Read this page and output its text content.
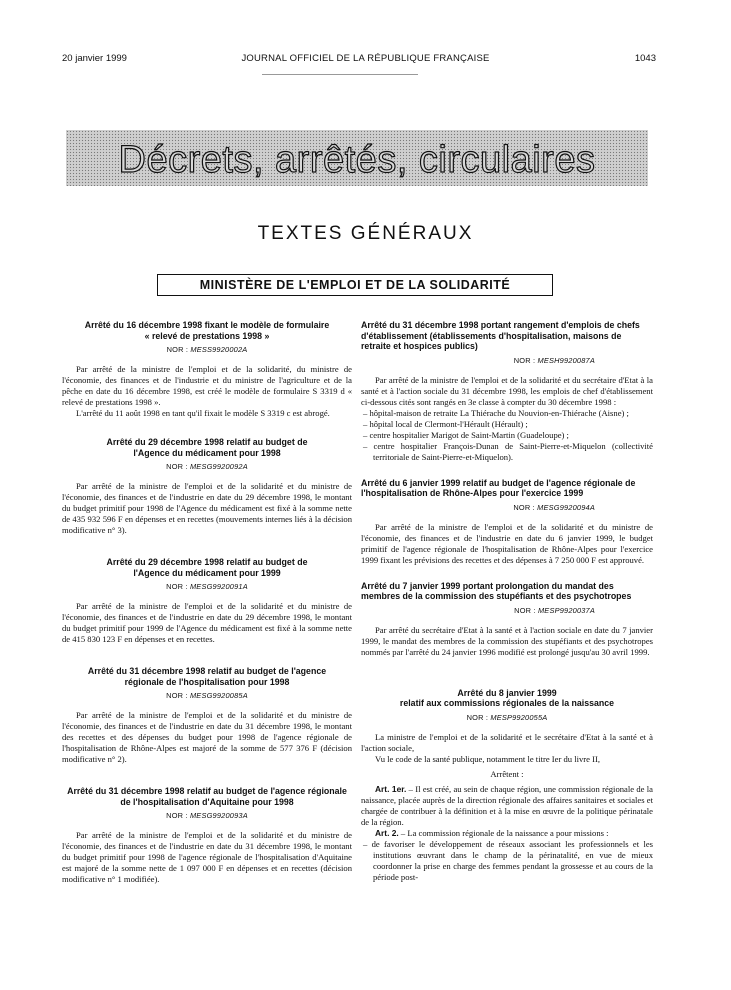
20 janvier 1999	JOURNAL OFFICIEL DE LA RÉPUBLIQUE FRANÇAISE	1043
Décrets, arrêtés, circulaires
TEXTES GÉNÉRAUX
MINISTÈRE DE L'EMPLOI ET DE LA SOLIDARITÉ
Arrêté du 16 décembre 1998 fixant le modèle de formulaire « relevé de prestations 1998 »
NOR : MESS9920002A

Par arrêté de la ministre de l'emploi et de la solidarité, du ministre de l'économie, des finances et de l'industrie et du ministre de l'agriculture et de la pêche en date du 16 décembre 1998, est créé le modèle de formulaire S 3319 d « relevé de prestations 1998 ».

L'arrêté du 11 août 1998 en tant qu'il fixait le modèle S 3319 c est abrogé.

Arrêté du 29 décembre 1998 relatif au budget de l'Agence du médicament pour 1998
NOR : MESG9920092A

Par arrêté de la ministre de l'emploi et de la solidarité et du ministre de l'économie, des finances et de l'industrie en date du 29 décembre 1998, le montant du budget primitif pour 1998 de l'Agence du médicament est fixé à la somme nette de 435 932 596 F en dépenses et en recettes (mouvements internes liés à la décision modificative n° 3).

Arrêté du 29 décembre 1998 relatif au budget de l'Agence du médicament pour 1999
NOR : MESG9920091A

Par arrêté de la ministre de l'emploi et de la solidarité et du ministre de l'économie, des finances et de l'industrie en date du 29 décembre 1998, le montant du budget primitif pour 1999 de l'Agence du médicament est fixé à la somme nette de 415 830 123 F en dépenses et en recettes.

Arrêté du 31 décembre 1998 relatif au budget de l'agence régionale de l'hospitalisation pour 1998
NOR : MESG9920085A

Par arrêté de la ministre de l'emploi et de la solidarité et du ministre de l'économie, des finances et de l'industrie en date du 31 décembre 1998, le montant des recettes et des dépenses du budget pour 1998 de l'agence régionale de l'hospitalisation de Rhône-Alpes est majoré de la somme de 577 376 F (décision modificative n° 2).

Arrêté du 31 décembre 1998 relatif au budget de l'agence régionale de l'hospitalisation d'Aquitaine pour 1998
NOR : MESG9920093A

Par arrêté de la ministre de l'emploi et de la solidarité et du ministre de l'économie, des finances et de l'industrie en date du 31 décembre 1998, le montant du budget primitif pour 1998 de l'agence régionale de l'hospitalisation d'Aquitaine est majoré de la somme nette de 1 097 000 F en dépenses et en recettes (décision modificative n° 1 modifiée).

Arrêté du 31 décembre 1998 portant rangement d'emplois de chefs d'établissement (établissements d'hospitalisation, maisons de retraite et hospices publics)
NOR : MESH9920087A

Par arrêté de la ministre de l'emploi et de la solidarité et du secrétaire d'Etat à la santé et à l'action sociale du 31 décembre 1998, les emplois de chef d'établissement ci-dessous cités sont rangés en 3e classe à compter du 30 décembre 1998 :

– hôpital-maison de retraite La Thiérache du Nouvion-en-Thiérache (Aisne) ;
– hôpital local de Clermont-l'Hérault (Hérault) ;
– centre hospitalier Marigot de Saint-Martin (Guadeloupe) ;
– centre hospitalier François-Dunan de Saint-Pierre-et-Miquelon (collectivité territoriale de Saint-Pierre-et-Miquelon).
Arrêté du 6 janvier 1999 relatif au budget de l'agence régionale de l'hospitalisation de Rhône-Alpes pour l'exercice 1999
NOR : MESG9920094A

Par arrêté de la ministre de l'emploi et de la solidarité et du ministre de l'économie, des finances et de l'industrie en date du 6 janvier 1999, le budget primitif de l'agence régionale de l'hospitalisation de Rhône-Alpes pour l'exercice 1999 fixant les prévisions des recettes et des dépenses à 7 250 000 F est approuvé.

Arrêté du 7 janvier 1999 portant prolongation du mandat des membres de la commission des stupéfiants et des psychotropes
NOR : MESP9920037A

Par arrêté du secrétaire d'Etat à la santé et à l'action sociale en date du 7 janvier 1999, le mandat des membres de la commission des stupéfiants et des psychotropes nommés par l'arrêté du 24 janvier 1996 modifié est prolongé jusqu'au 30 avril 1999.

Arrêté du 8 janvier 1999
relatif aux commissions régionales de la naissance
NOR : MESP9920055A

La ministre de l'emploi et de la solidarité et le secrétaire d'Etat à la santé et à l'action sociale,

Vu le code de la santé publique, notamment le titre Ier du livre II,

Arrêtent :

Art. 1er. – Il est créé, au sein de chaque région, une commission régionale de la naissance, placée auprès de la direction régionale des affaires sanitaires et sociales et chargée de contribuer à la définition et à la mise en œuvre de la politique périnatale de la région.

Art. 2. – La commission régionale de la naissance a pour missions :

– de favoriser le développement de réseaux associant les professionnels et les institutions œuvrant dans le champ de la périnatalité, en vue de mieux coordonner la prise en charge des femmes pendant la grossesse et au cours de la période post-
